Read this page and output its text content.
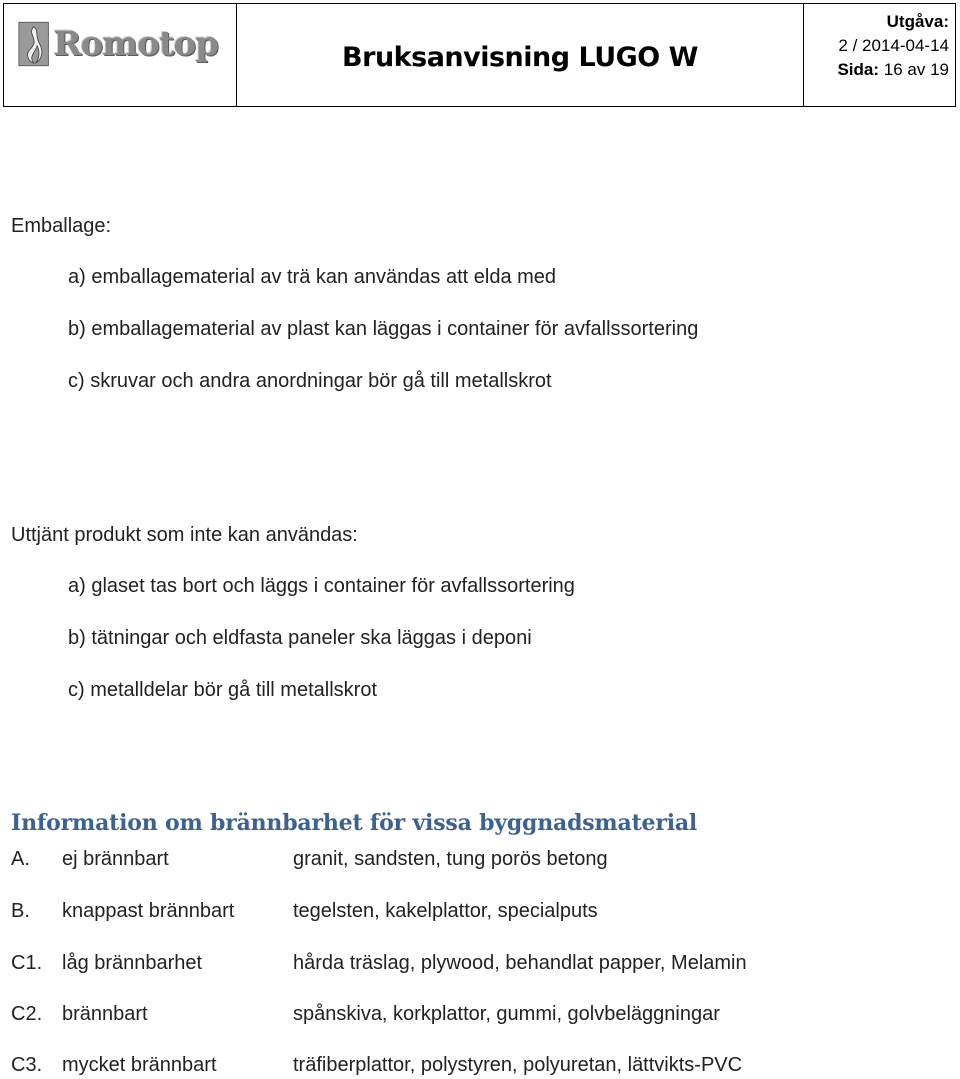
Romotop	Bruksanvisning LUGO W
Utgåva:
2 / 2014-04-14
Sida: 16 av 19
Emballage:
a) emballagematerial av trä kan användas att elda med
b) emballagematerial av plast kan läggas i container för avfallssortering
c) skruvar och andra anordningar bör gå till metallskrot
Uttjänt produkt som inte kan användas:
a) glaset tas bort och läggs i container för avfallssortering
b) tätningar och eldfasta paneler ska läggas i deponi
c) metalldelar bör gå till metallskrot
Information om brännbarhet för vissa byggnadsmaterial
A. ej brännbart	granit, sandsten, tung porös betong
B. knappast brännbart	tegelsten, kakelplattor, specialputs
C1. låg brännbarhet	hårda träslag, plywood, behandlat papper, Melamin
C2. brännbart	spånskiva, korkplattor, gummi, golvbeläggningar
C3. mycket brännbart	träfiberplattor, polystyren, polyuretan, lättvikts-PVC
